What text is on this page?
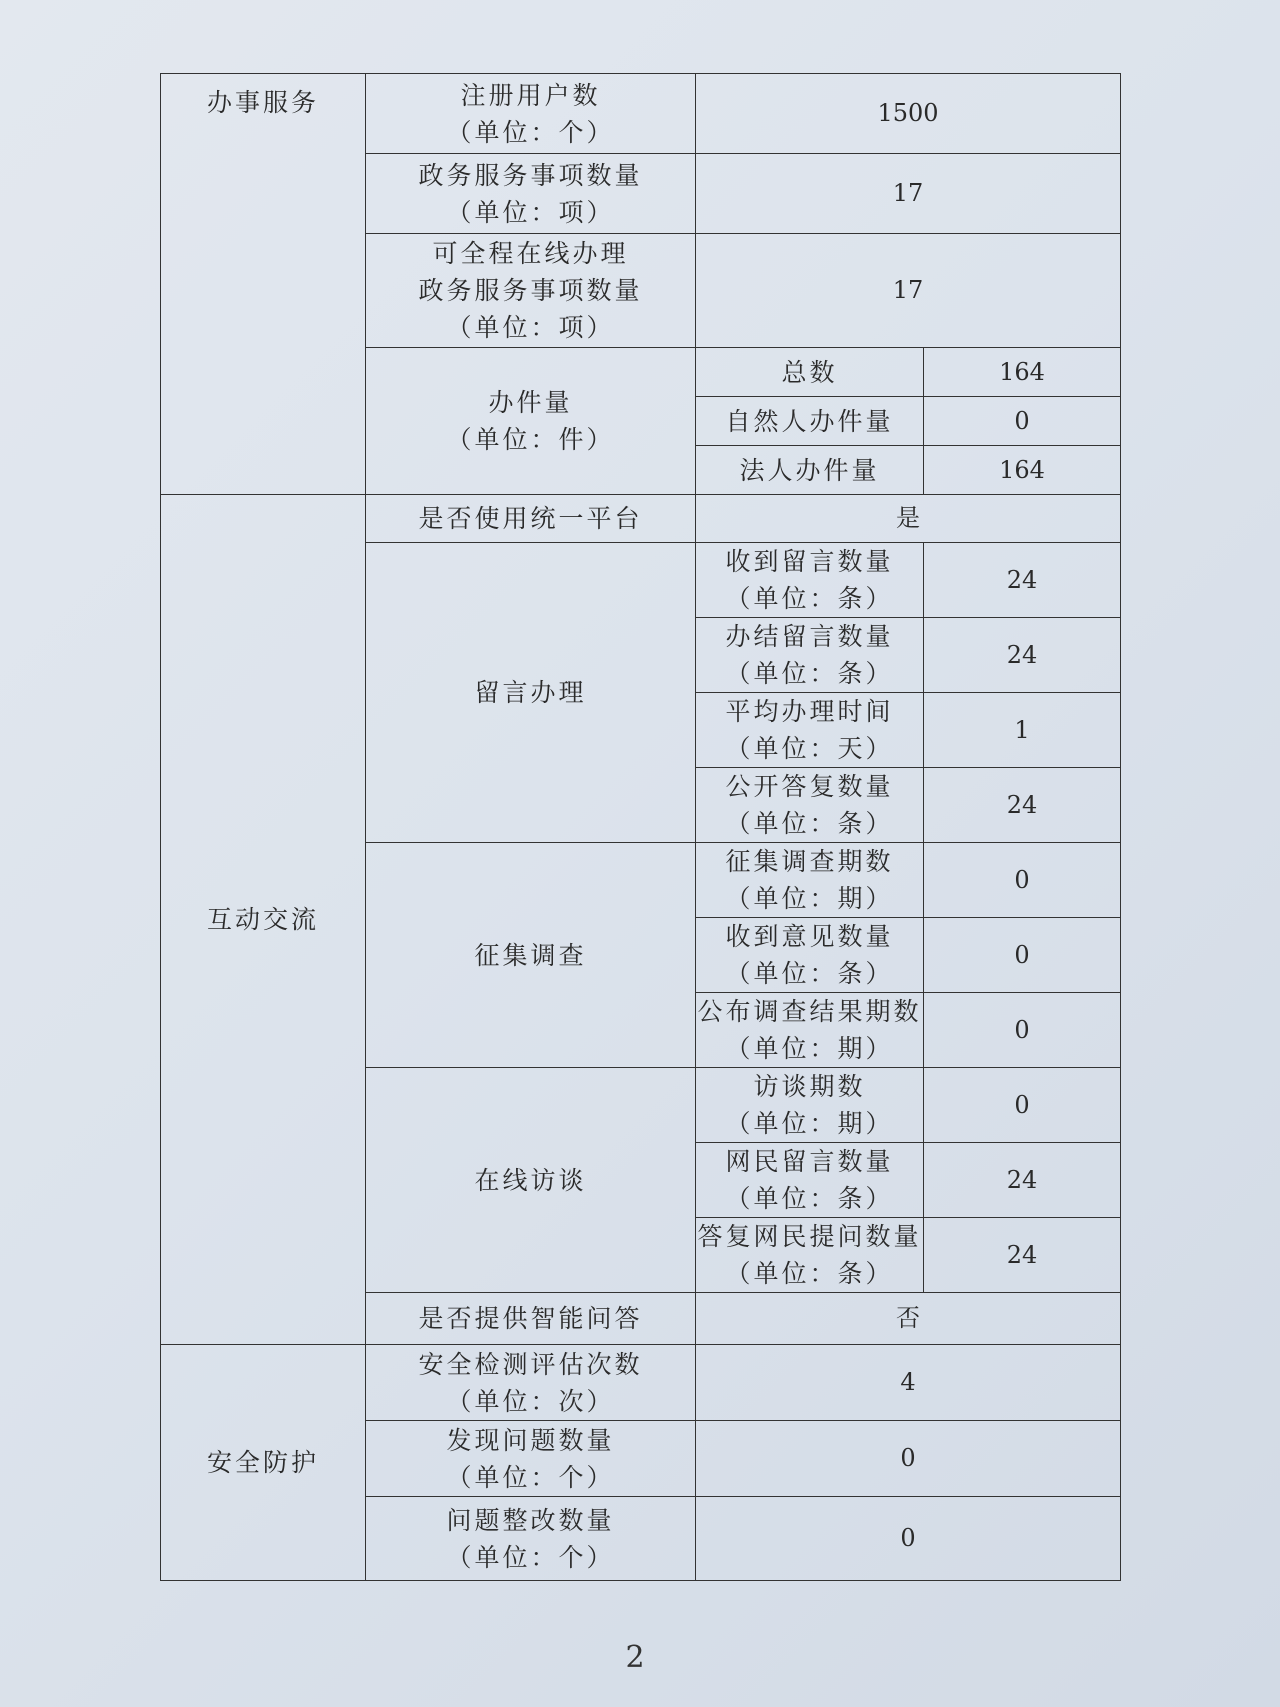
办事服务	注册用户数
（单位：个）	1500	

	政务服务事项数量
（单位：项）	17	

	可全程在线办理
政务服务事项数量
（单位：项）	17	

	办件量
（单位：件）	总数	164
		自然人办件量	0
		法人办件量	164
互动交流	是否使用统一平台	是	
	留言办理	收到留言数量
（单位：条）	24

		办结留言数量
（单位：条）	24

		平均办理时间
（单位：天）	1

		公开答复数量
（单位：条）	24
	征集调查	征集调查期数
（单位：期）	0

		收到意见数量
（单位：条）	0

		公布调查结果期数
（单位：期）	0
	在线访谈	访谈期数
（单位：期）	0

		网民留言数量
（单位：条）	24

		答复网民提问数量
（单位：条）	24
	是否提供智能问答	否	
安全防护	安全检测评估次数
（单位：次）	4	

	发现问题数量
（单位：个）	0	

	问题整改数量
（单位：个）	0	
2
